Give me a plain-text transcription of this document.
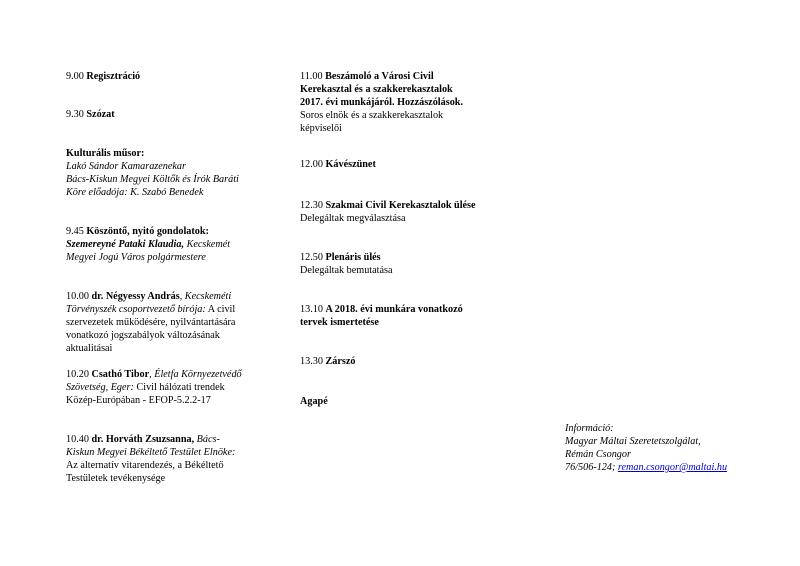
9.00 Regisztráció
9.30 Szózat
Kulturális műsor:
Lakó Sándor Kamarazenekar
Bács-Kiskun Megyei Költők és Írók Baráti
Köre előadója: K. Szabó Benedek
9.45 Köszöntő, nyitó gondolatok:
Szemereyné Pataki Klaudia, Kecskemét
Megyei Jogú Város polgármestere
10.00 dr. Négyessy András, Kecskeméti
Törvényszék csoportvezető bírója: A civil
szervezetek működésére, nyilvántartására
vonatkozó jogszabályok változásának
aktualitásai
10.20 Csathó Tibor, Életfa Környezetvédő
Szövetség, Eger: Civil hálózati trendek
Közép-Európában - EFOP-5.2.2-17
10.40 dr. Horváth Zsuzsanna, Bács-
Kiskun Megyei Békéltető Testület Elnöke:
Az alternatív vitarendezés, a Békéltető
Testületek tevékenysége
11.00 Beszámoló a Városi Civil
Kerekasztal és a szakkerekasztalok
2017. évi munkájáról. Hozzászólások.
Soros elnök és a szakkerekasztalok
képviselői
12.00 Kávészünet
12.30 Szakmai Civil Kerekasztalok ülése
Delegáltak megválasztása
12.50 Plenáris ülés
Delegáltak bemutatása
13.10 A 2018. évi munkára vonatkozó
tervek ismertetése
13.30 Zárszó
Agapé
Információ:
Magyar Máltai Szeretetszolgálat,
Rémán Csongor
76/506-124; reman.csongor@maltai.hu
